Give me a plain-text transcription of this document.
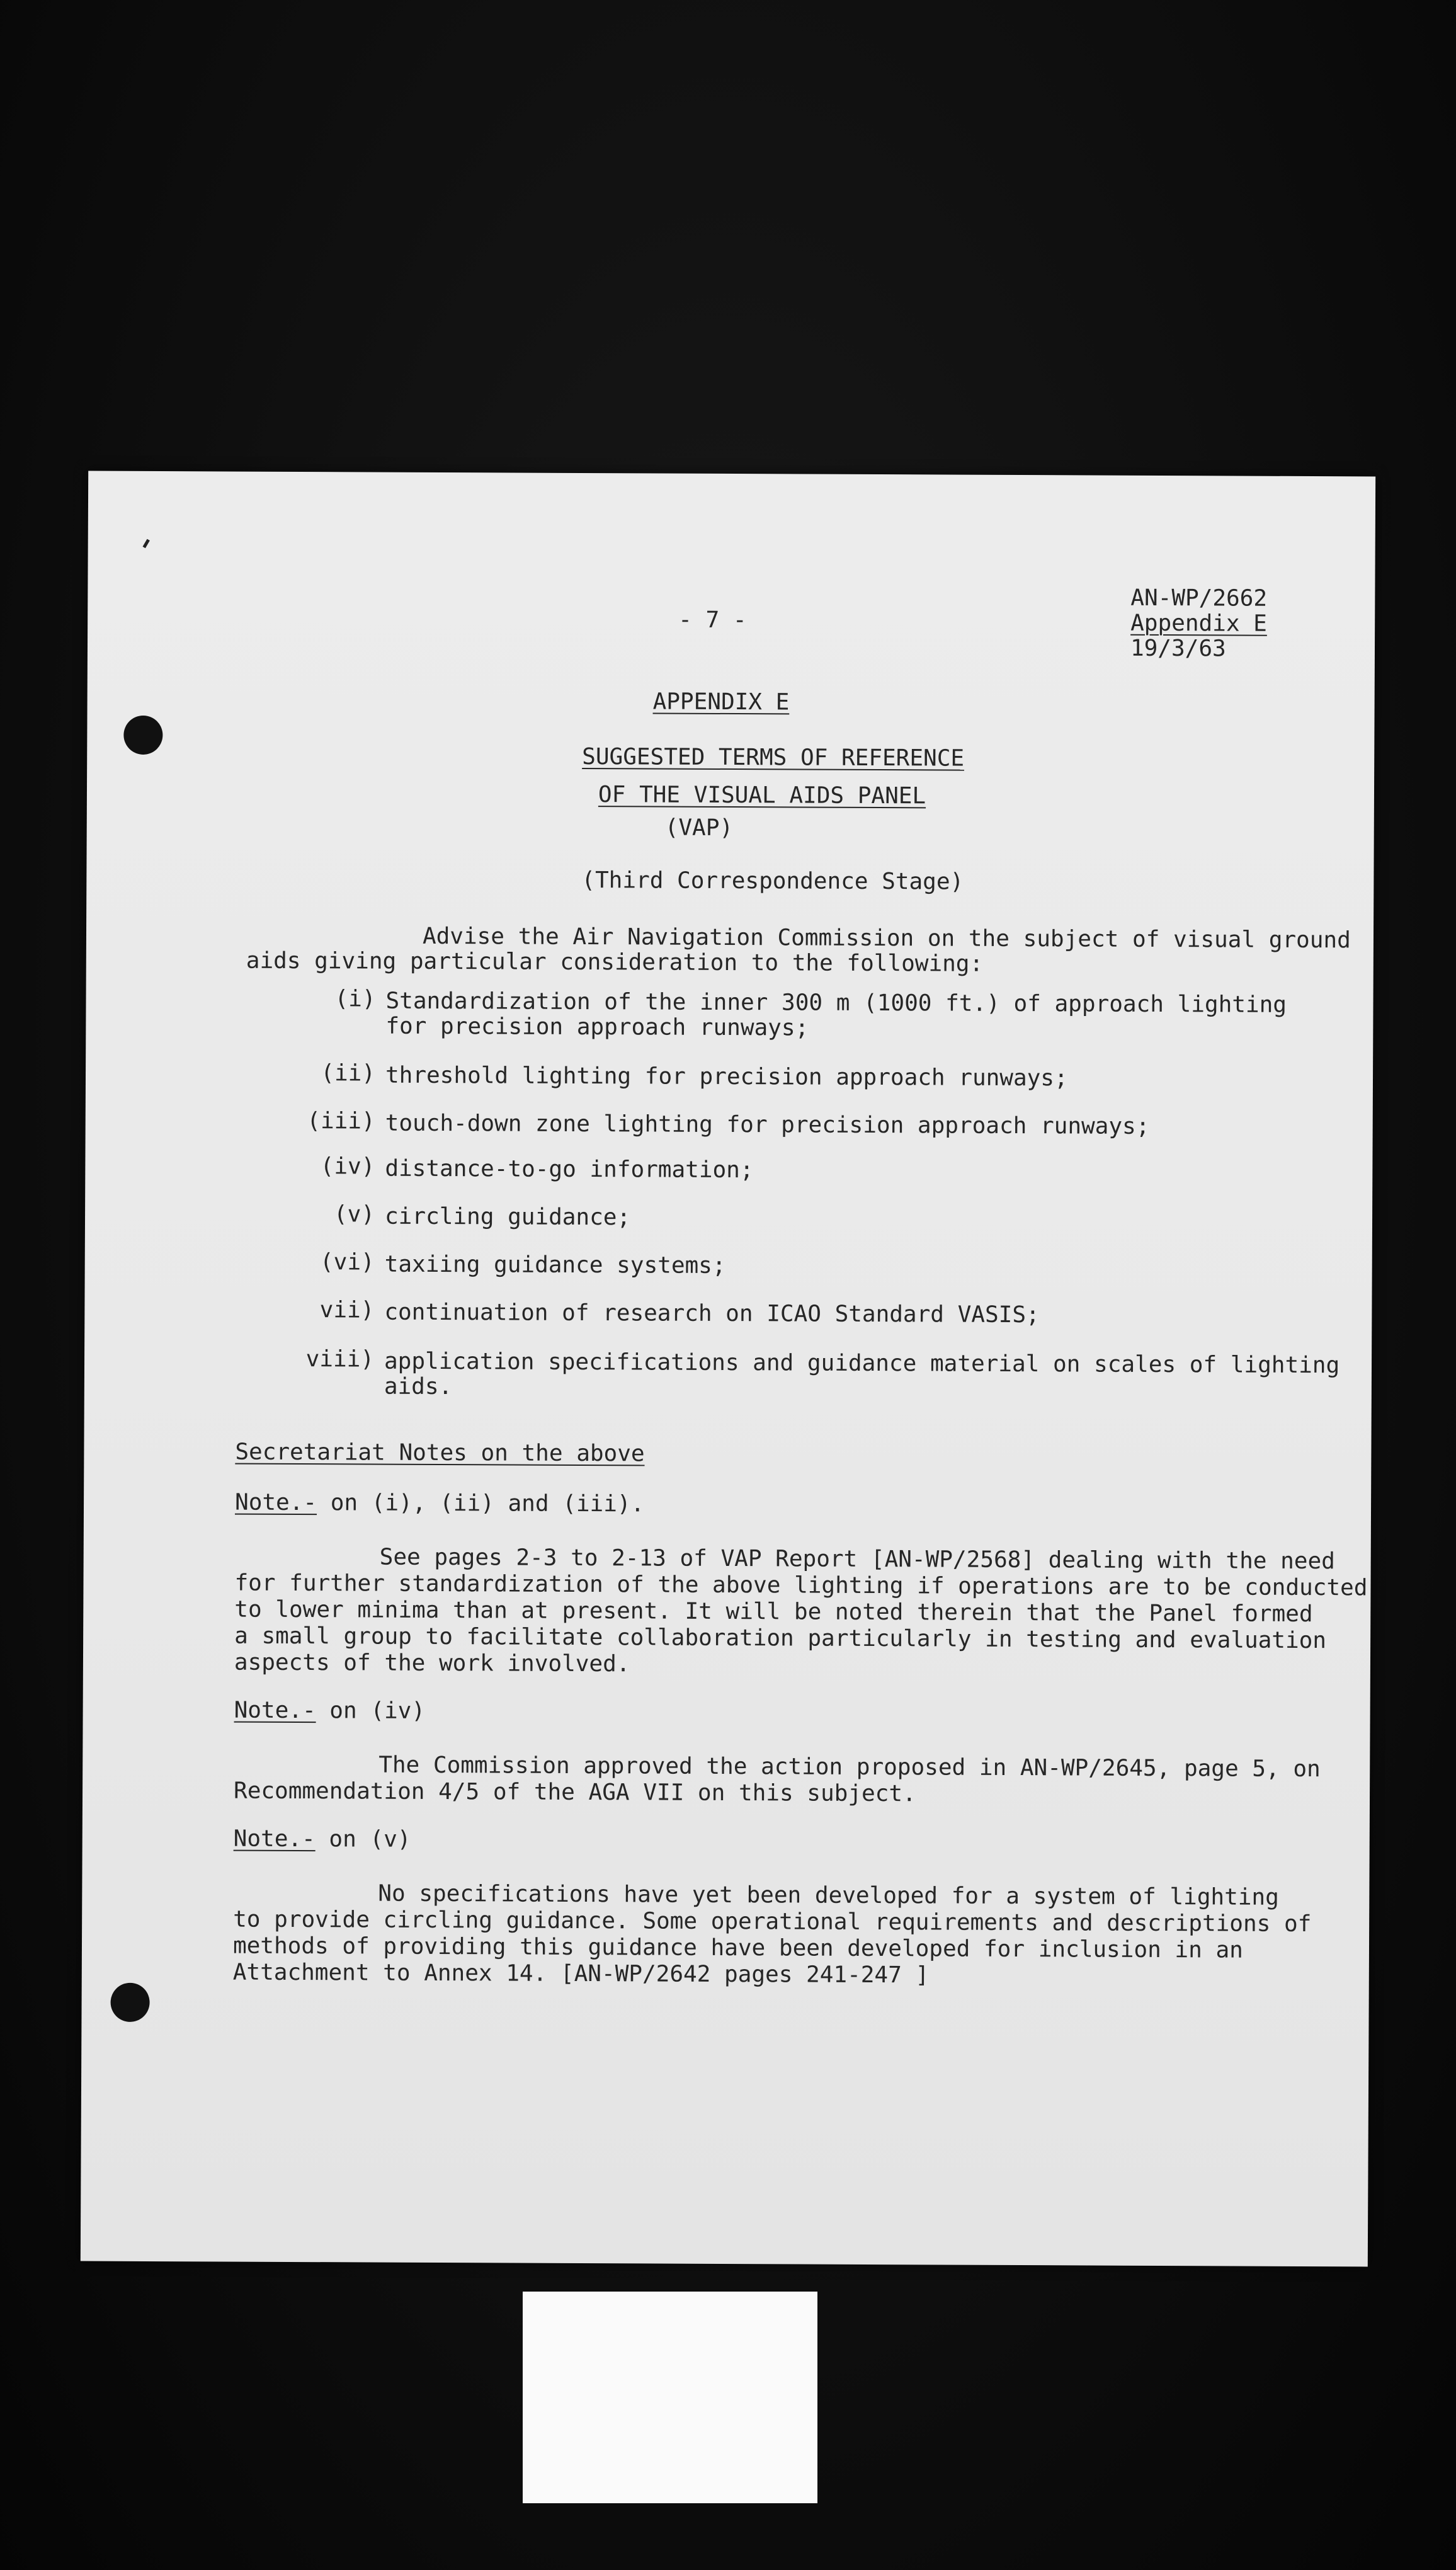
- 7 -
AN-WP/2662
Appendix E
19/3/63
APPENDIX E
SUGGESTED TERMS OF REFERENCE
OF THE VISUAL AIDS PANEL
(VAP)
(Third Correspondence Stage)
Advise the Air Navigation Commission on the subject of visual ground
aids giving particular consideration to the following:
(i) Standardization of the inner 300 m (1000 ft.) of approach lighting
for precision approach runways;
(ii) threshold lighting for precision approach runways;
(iii) touch-down zone lighting for precision approach runways;
(iv) distance-to-go information;
(v) circling guidance;
(vi) taxiing guidance systems;
vii) continuation of research on ICAO Standard VASIS;
viii) application specifications and guidance material on scales of lighting
aids.
Secretariat Notes on the above
Note.- on (i), (ii) and (iii).
See pages 2-3 to 2-13 of VAP Report [AN-WP/2568] dealing with the need
for further standardization of the above lighting if operations are to be conducted
to lower minima than at present. It will be noted therein that the Panel formed
a small group to facilitate collaboration particularly in testing and evaluation
aspects of the work involved.
Note.- on (iv)
The Commission approved the action proposed in AN-WP/2645, page 5, on
Recommendation 4/5 of the AGA VII on this subject.
Note.- on (v)
No specifications have yet been developed for a system of lighting
to provide circling guidance. Some operational requirements and descriptions of
methods of providing this guidance have been developed for inclusion in an
Attachment to Annex 14. [AN-WP/2642 pages 241-247 ]
